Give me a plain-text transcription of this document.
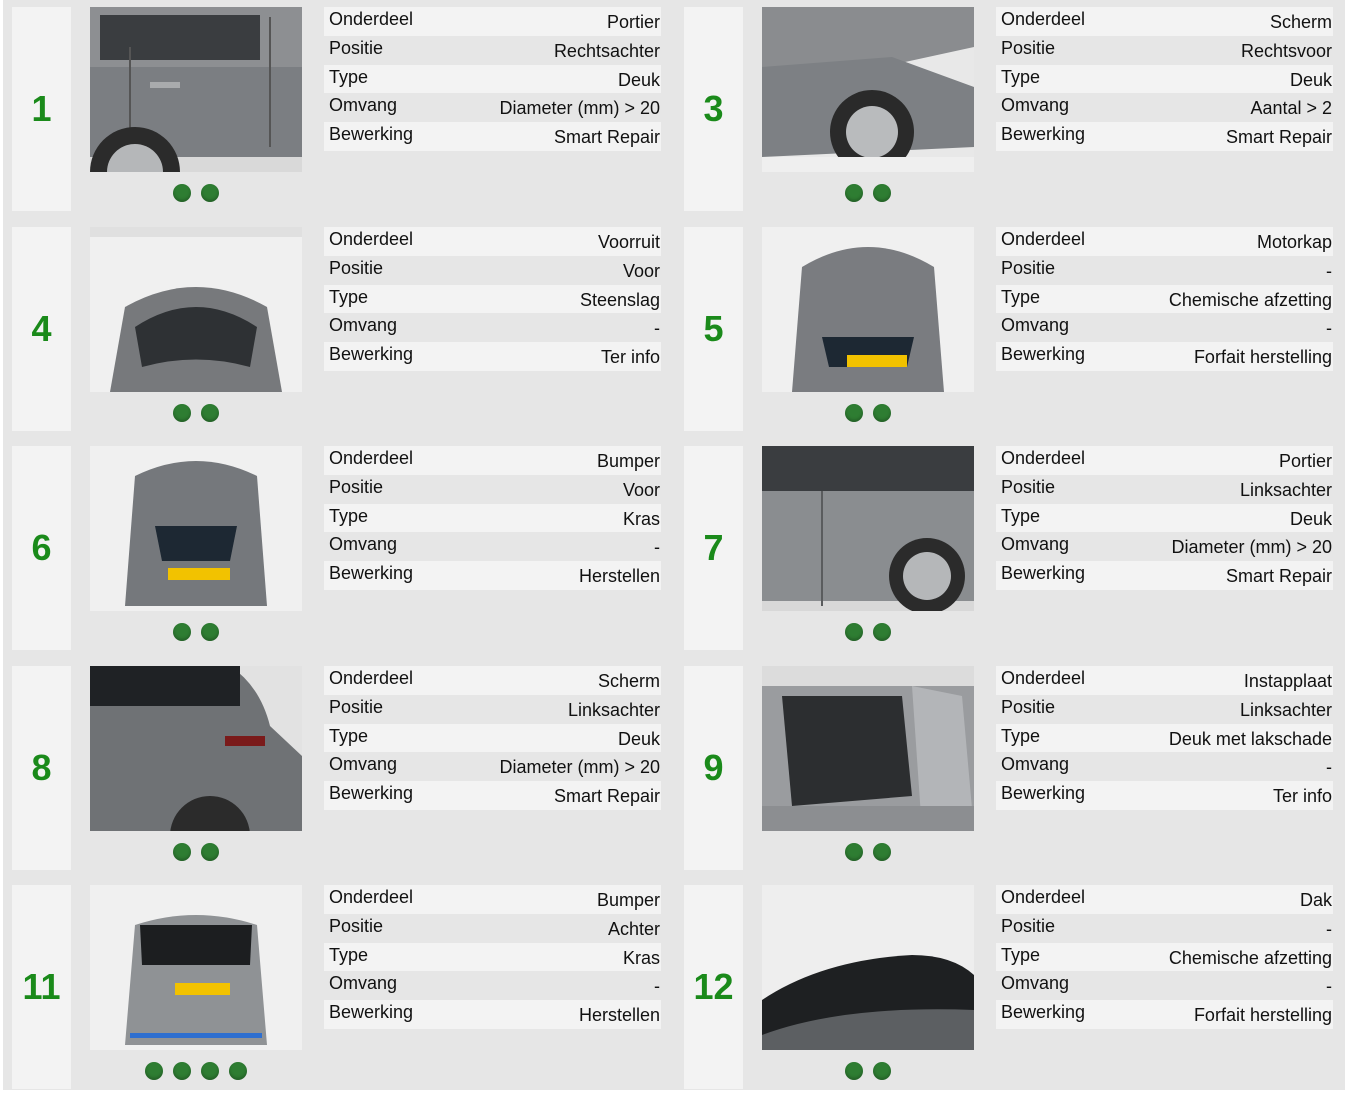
1
Onderdeel	Portier
Positie	Rechtsachter
Type	Deuk
Omvang	Diameter (mm) > 20
Bewerking	Smart Repair
3
Onderdeel	Scherm
Positie	Rechtsvoor
Type	Deuk
Omvang	Aantal > 2
Bewerking	Smart Repair
4
Onderdeel	Voorruit
Positie	Voor
Type	Steenslag
Omvang	-
Bewerking	Ter info
5
Onderdeel	Motorkap
Positie	-
Type	Chemische afzetting
Omvang	-
Bewerking	Forfait herstelling
6
Onderdeel	Bumper
Positie	Voor
Type	Kras
Omvang	-
Bewerking	Herstellen
7
Onderdeel	Portier
Positie	Linksachter
Type	Deuk
Omvang	Diameter (mm) > 20
Bewerking	Smart Repair
8
Onderdeel	Scherm
Positie	Linksachter
Type	Deuk
Omvang	Diameter (mm) > 20
Bewerking	Smart Repair
9
Onderdeel	Instapplaat
Positie	Linksachter
Type	Deuk met lakschade
Omvang	-
Bewerking	Ter info
11
Onderdeel	Bumper
Positie	Achter
Type	Kras
Omvang	-
Bewerking	Herstellen
12
Onderdeel	Dak
Positie	-
Type	Chemische afzetting
Omvang	-
Bewerking	Forfait herstelling
